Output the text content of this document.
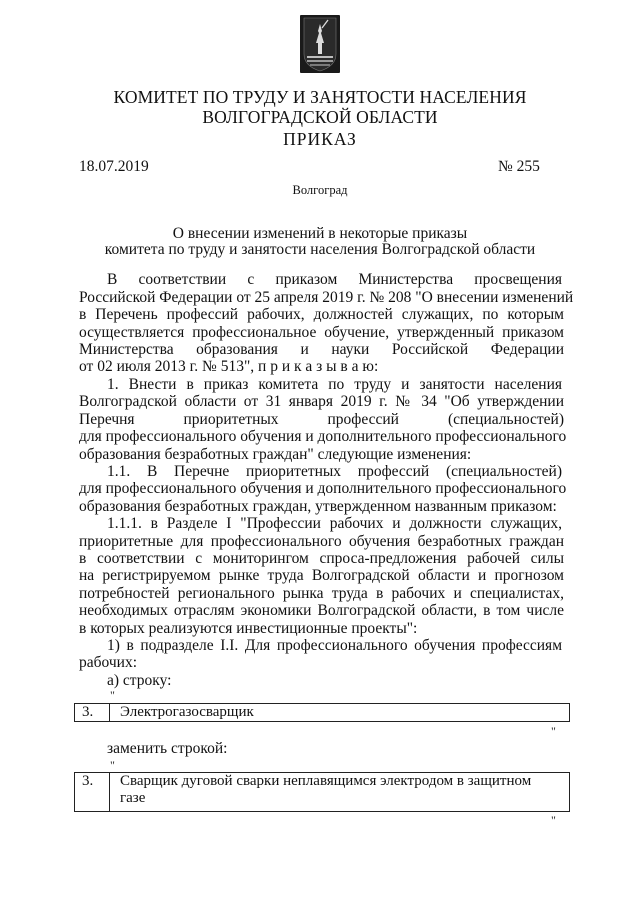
КОМИТЕТ ПО ТРУДУ И ЗАНЯТОСТИ НАСЕЛЕНИЯ
ВОЛГОГРАДСКОЙ ОБЛАСТИ
ПРИКАЗ
18.07.2019	№ 255
Волгоград
О внесении изменений в некоторые приказы
комитета по труду и занятости населения Волгоградской области
В соответствии с приказом Министерства просвещения
Российской Федерации от 25 апреля 2019 г. № 208 "О внесении изменений
в Перечень профессий рабочих, должностей служащих, по которым
осуществляется профессиональное обучение, утвержденный приказом
Министерства образования и науки Российской Федерации
от 02 июля 2013 г. № 513", п р и к а з ы в а ю:
1. Внести в приказ комитета по труду и занятости населения
Волгоградской области от 31 января 2019 г. № 34 "Об утверждении
Перечня приоритетных профессий (специальностей)
для профессионального обучения и дополнительного профессионального
образования безработных граждан" следующие изменения:
1.1. В Перечне приоритетных профессий (специальностей)
для профессионального обучения и дополнительного профессионального
образования безработных граждан, утвержденном названным приказом:
1.1.1. в Разделе I "Профессии рабочих и должности служащих,
приоритетные для профессионального обучения безработных граждан
в соответствии с мониторингом спроса-предложения рабочей силы
на регистрируемом рынке труда Волгоградской области и прогнозом
потребностей регионального рынка труда в рабочих и специалистах,
необходимых отраслям экономики Волгоградской области, в том числе
в которых реализуются инвестиционные проекты":
1) в подразделе I.I. Для профессионального обучения профессиям
рабочих:
а) строку:
"
3. Электрогазосварщик
"
заменить строкой:
"
3. Сварщик дуговой сварки неплавящимся электродом в защитном
газе
"
